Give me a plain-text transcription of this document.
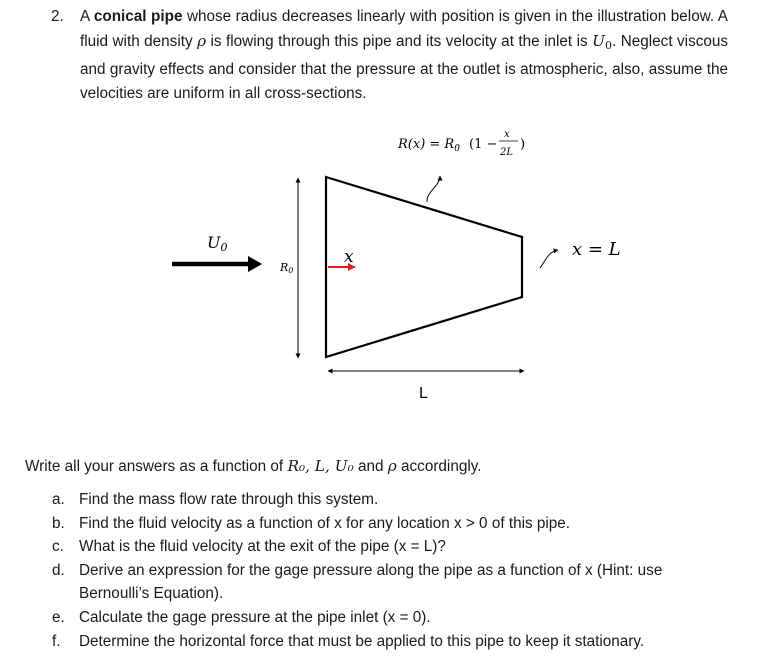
2. A conical pipe whose radius decreases linearly with position is given in the illustration below. A fluid with density ρ is flowing through this pipe and its velocity at the inlet is $U_0$. Neglect viscous and gravity effects and consider that the pressure at the outlet is atmospheric, also, assume the velocities are uniform in all cross-sections.
$R(x) = R_0$ (1 −
x
2L
)
R0
U0	x	x = L
L
Write all your answers as a function of R₀, L, U₀ and ρ accordingly.
a. Find the mass flow rate through this system.
b. Find the fluid velocity as a function of x for any location x > 0 of this pipe.
c. What is the fluid velocity at the exit of the pipe (x = L)?
d. Derive an expression for the gage pressure along the pipe as a function of x (Hint: use Bernoulli’s Equation).
e. Calculate the gage pressure at the pipe inlet (x = 0).
f. Determine the horizontal force that must be applied to this pipe to keep it stationary.
